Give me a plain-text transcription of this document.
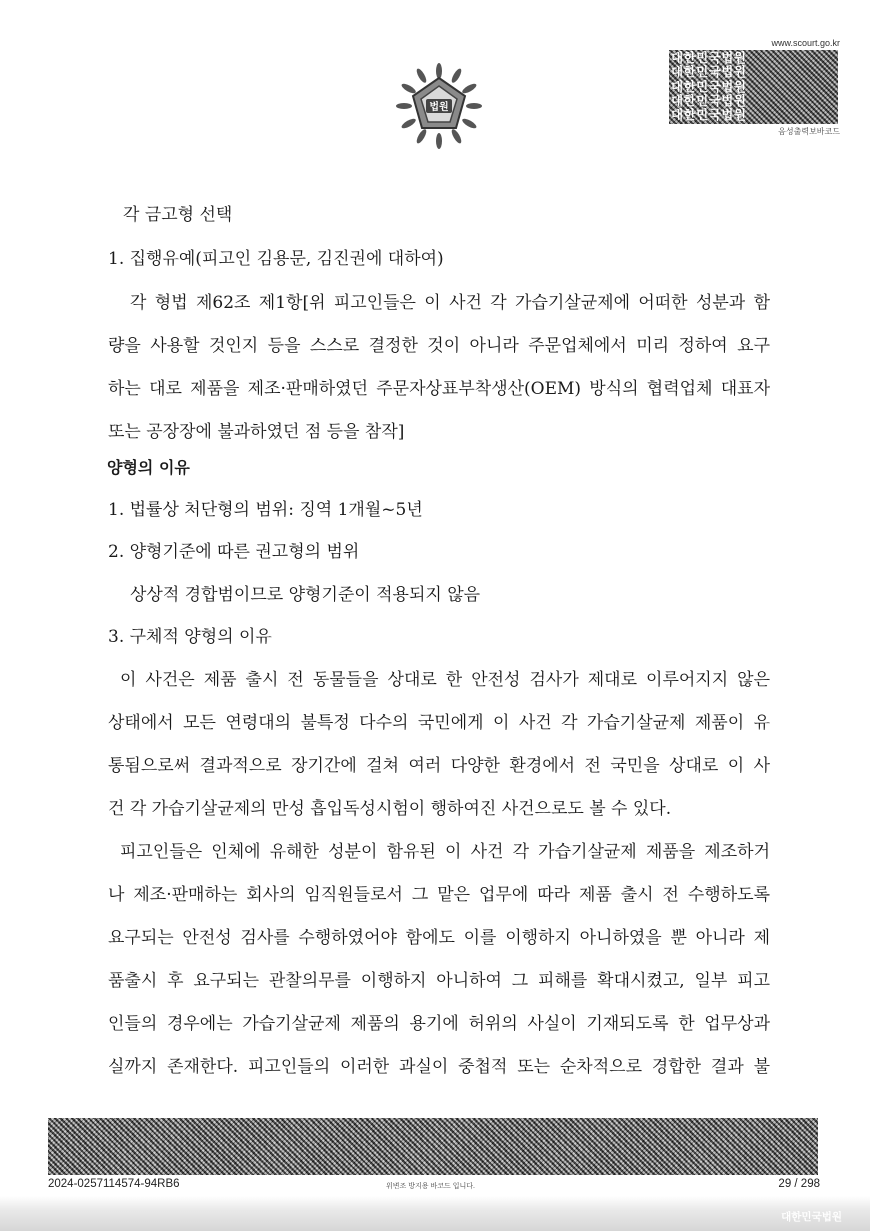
법원
www.scourt.go.kr
대한민국법원
대한민국법원
대한민국법원
대한민국법원
대한민국법원
음성출력보바코드
각 금고형 선택
1. 집행유예(피고인 김용문, 김진권에 대하여)
각 형법 제62조 제1항[위 피고인들은 이 사건 각 가습기살균제에 어떠한 성분과 함
량을 사용할 것인지 등을 스스로 결정한 것이 아니라 주문업체에서 미리 정하여 요구
하는 대로 제품을 제조·판매하였던 주문자상표부착생산(OEM) 방식의 협력업체 대표자
또는 공장장에 불과하였던 점 등을 참작]
양형의 이유
1. 법률상 처단형의 범위: 징역 1개월~5년
2. 양형기준에 따른 권고형의 범위
상상적 경합범이므로 양형기준이 적용되지 않음
3. 구체적 양형의 이유
이 사건은 제품 출시 전 동물들을 상대로 한 안전성 검사가 제대로 이루어지지 않은
상태에서 모든 연령대의 불특정 다수의 국민에게 이 사건 각 가습기살균제 제품이 유
통됨으로써 결과적으로 장기간에 걸쳐 여러 다양한 환경에서 전 국민을 상대로 이 사
건 각 가습기살균제의 만성 흡입독성시험이 행하여진 사건으로도 볼 수 있다.
피고인들은 인체에 유해한 성분이 함유된 이 사건 각 가습기살균제 제품을 제조하거
나 제조·판매하는 회사의 임직원들로서 그 맡은 업무에 따라 제품 출시 전 수행하도록
요구되는 안전성 검사를 수행하였어야 함에도 이를 이행하지 아니하였을 뿐 아니라 제
품출시 후 요구되는 관찰의무를 이행하지 아니하여 그 피해를 확대시켰고, 일부 피고
인들의 경우에는 가습기살균제 제품의 용기에 허위의 사실이 기재되도록 한 업무상과
실까지 존재한다. 피고인들의 이러한 과실이 중첩적 또는 순차적으로 경합한 결과 불
2024-0257114574-94RB6	위변조 방지용 바코드 입니다.	29 / 298
대한민국법원
